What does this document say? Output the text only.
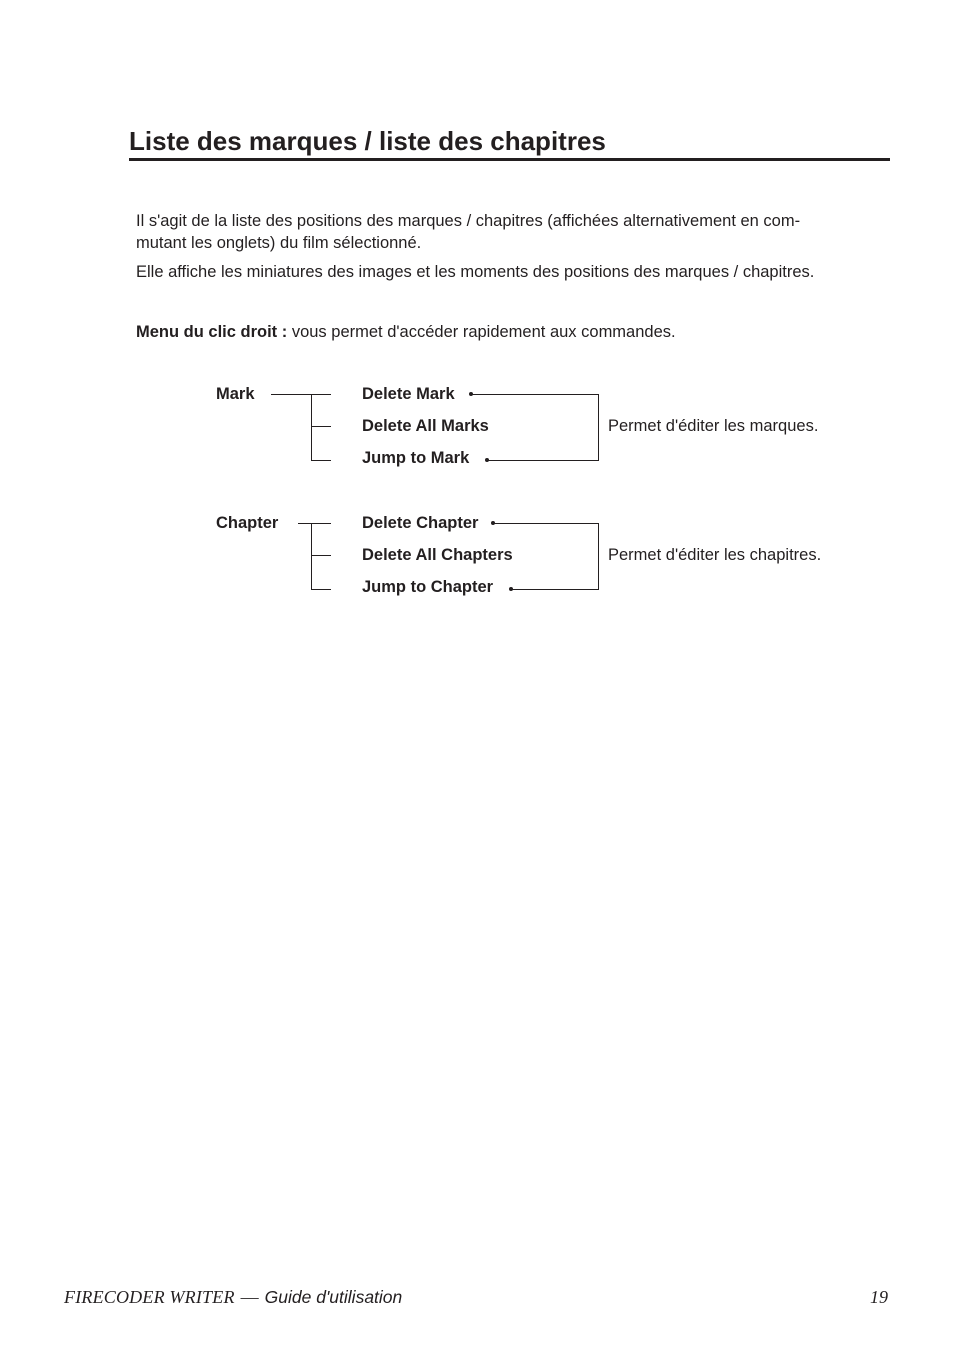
Liste des marques / liste des chapitres
Il s'agit de la liste des positions des marques / chapitres (affichées alternativement en com-
mutant les onglets) du film sélectionné.
Elle affiche les miniatures des images et les moments des positions des marques / chapitres.
Menu du clic droit : vous permet d'accéder rapidement aux commandes.
Mark	Delete Mark
Delete All Marks
Jump to Mark
Permet d'éditer les marques.
Chapter	Delete Chapter
Delete All Chapters
Jump to Chapter
Permet d'éditer les chapitres.
FIRECODER WRITER — Guide d'utilisation	19
